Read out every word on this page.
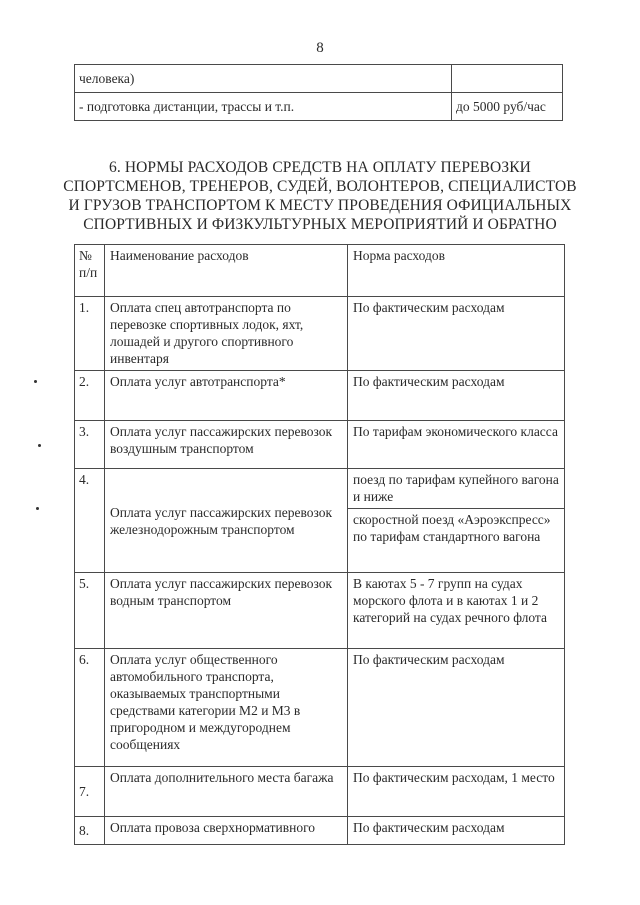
8
человека)	
- подготовка дистанции, трассы и т.п.	до 5000 руб/час
6. НОРМЫ РАСХОДОВ СРЕДСТВ НА ОПЛАТУ ПЕРЕВОЗКИ СПОРТСМЕНОВ, ТРЕНЕРОВ, СУДЕЙ, ВОЛОНТЕРОВ, СПЕЦИАЛИСТОВ И ГРУЗОВ ТРАНСПОРТОМ К МЕСТУ ПРОВЕДЕНИЯ ОФИЦИАЛЬНЫХ СПОРТИВНЫХ И ФИЗКУЛЬТУРНЫХ МЕРОПРИЯТИЙ И ОБРАТНО
№ п/п	Наименование расходов	Норма расходов
1.	Оплата спец автотранспорта по перевозке спортивных лодок, яхт, лошадей и другого спортивного инвентаря	По фактическим расходам
2.	Оплата услуг автотранспорта*	По фактическим расходам
3.	Оплата услуг пассажирских перевозок воздушным транспортом	По тарифам экономического класса
4.	Оплата услуг пассажирских перевозок железнодорожным транспортом	поезд по тарифам купейного вагона и ниже
		скоростной поезд «Аэроэкспресс» по тарифам стандартного вагона
5.	Оплата услуг пассажирских перевозок водным транспортом	В каютах 5 - 7 групп на судах морского флота и в каютах 1 и 2 категорий на судах речного флота
6.	Оплата услуг общественного автомобильного транспорта, оказываемых транспортными средствами категории М2 и М3 в пригородном и междугороднем сообщениях	По фактическим расходам
7.	Оплата дополнительного места багажа	По фактическим расходам, 1 место
8.	Оплата провоза сверхнормативного	По фактическим расходам
